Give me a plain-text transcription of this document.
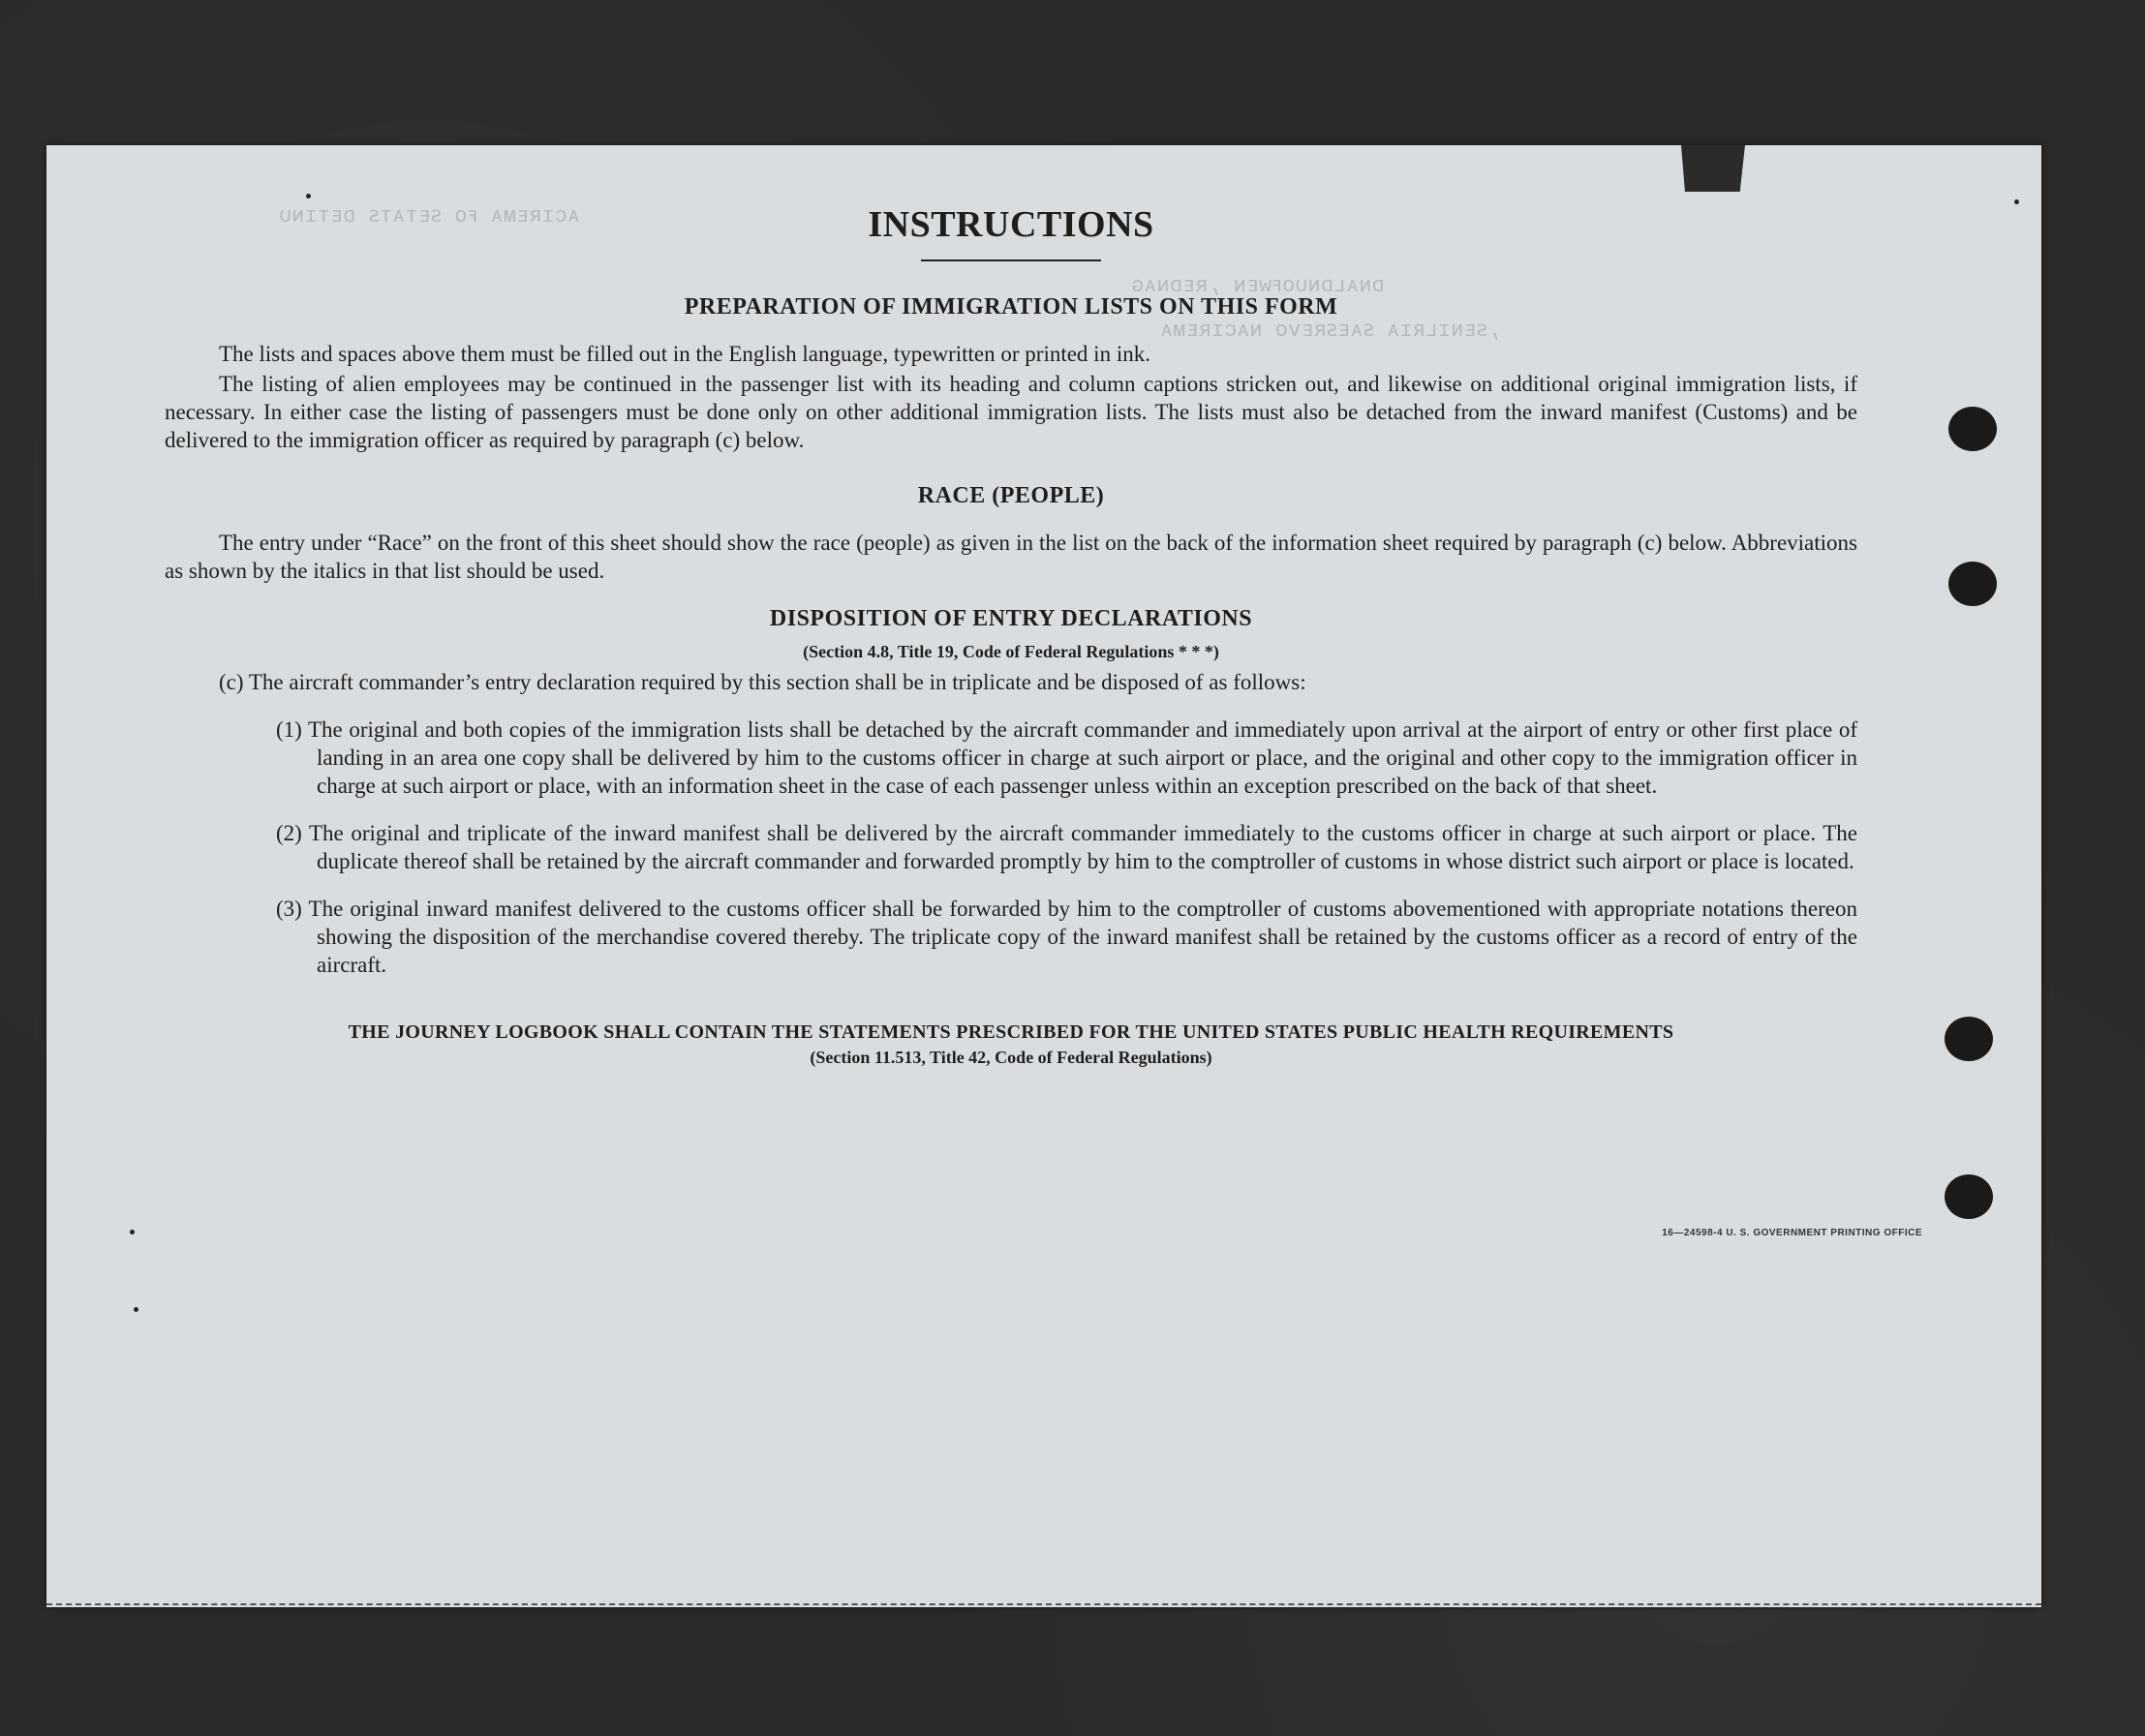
ᴀᴄɪʀᴇᴍᴀ ꜰᴏ ꜱᴇᴛᴀᴛꜱ ᴅᴇᴛɪɴᴜ
ᴅɴᴀʟᴅɴᴜᴏꜰᴡᴇɴ ,ʀᴇᴅɴᴀɢ
,ꜱᴇɴɪʟʀɪᴀ ꜱᴀᴇꜱʀᴇᴠᴏ ɴᴀᴄɪʀᴇᴍᴀ
INSTRUCTIONS
PREPARATION OF IMMIGRATION LISTS ON THIS FORM

The lists and spaces above them must be filled out in the English language, typewritten or printed in ink.

The listing of alien employees may be continued in the passenger list with its heading and column captions stricken out, and likewise on additional original immigration lists, if necessary. In either case the listing of passengers must be done only on other additional immigration lists. The lists must also be detached from the inward manifest (Customs) and be delivered to the immigration officer as required by paragraph (c) below.

RACE (PEOPLE)

The entry under “Race” on the front of this sheet should show the race (people) as given in the list on the back of the information sheet required by paragraph (c) below. Abbreviations as shown by the italics in that list should be used.

DISPOSITION OF ENTRY DECLARATIONS
(Section 4.8, Title 19, Code of Federal Regulations * * *)

(c) The aircraft commander’s entry declaration required by this section shall be in triplicate and be disposed of as follows:

(1) The original and both copies of the immigration lists shall be detached by the aircraft commander and immediately upon arrival at the airport of entry or other first place of landing in an area one copy shall be delivered by him to the customs officer in charge at such airport or place, and the original and other copy to the immigration officer in charge at such airport or place, with an information sheet in the case of each passenger unless within an exception prescribed on the back of that sheet.

(2) The original and triplicate of the inward manifest shall be delivered by the aircraft commander immediately to the customs officer in charge at such airport or place. The duplicate thereof shall be retained by the aircraft commander and forwarded promptly by him to the comptroller of customs in whose district such airport or place is located.

(3) The original inward manifest delivered to the customs officer shall be forwarded by him to the comptroller of customs abovementioned with appropriate notations thereon showing the disposition of the merchandise covered thereby. The triplicate copy of the inward manifest shall be retained by the customs officer as a record of entry of the aircraft.

THE JOURNEY LOGBOOK SHALL CONTAIN THE STATEMENTS PRESCRIBED FOR THE UNITED STATES PUBLIC HEALTH REQUIREMENTS
(Section 11.513, Title 42, Code of Federal Regulations)
16—24598-4 U. S. GOVERNMENT PRINTING OFFICE
